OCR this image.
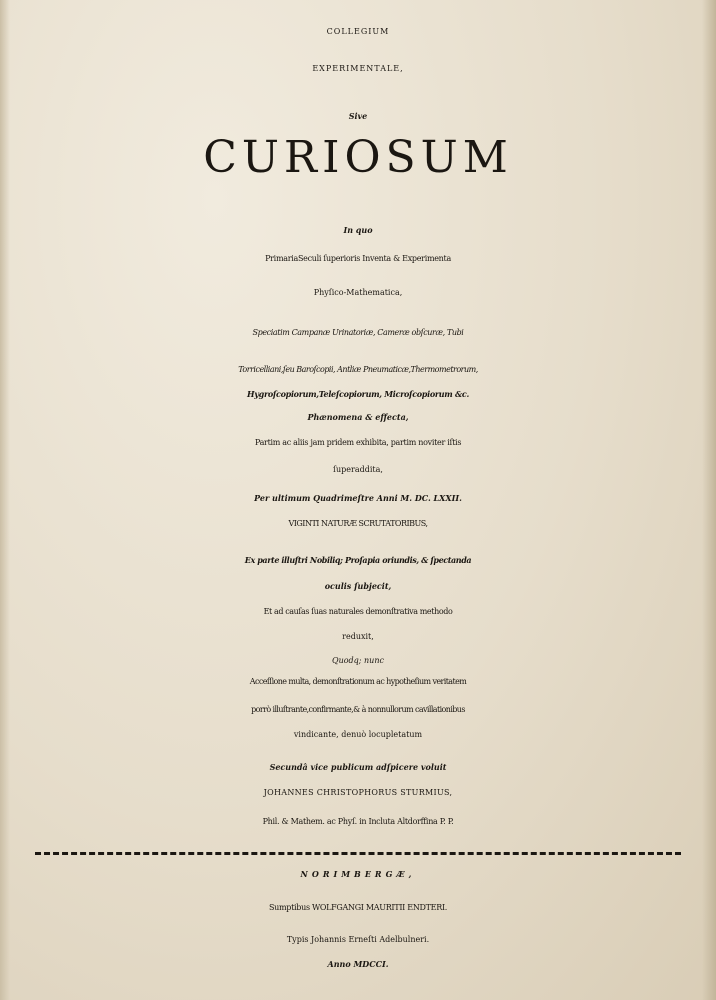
COLLEGIUM
EXPERIMENTALE,
Sive
CURIOSUM
In quo
PrimariaSeculi ſuperioris Inventa & Experimenta
Phyſico-Mathematica,
Speciatim Campanæ Urinatoriæ, Cameræ obſcuræ, Tubi
Torricelliani,ſeu Baroſcopii, Antliæ Pneumaticæ,Thermometrorum,
Hygroſcopiorum,Teleſcopiorum, Microſcopiorum &c.
Phænomena & effecta,
Partim ac aliis jam pridem exhibita, partim noviter iſtis
ſuperaddita,
Per ultimum Quadrimeſtre Anni M. DC. LXXII.
VIGINTI NATURÆ SCRUTATORIBUS,
Ex parte illuſtri Nobiliq; Proſapia oriundis, & ſpectanda
oculis ſubjecit,
Et ad cauſas ſuas naturales demonſtrativa methodo
reduxit,
Quodq; nunc
Acceſſione multa, demonſtrationum ac hypotheſium veritatem
porrò illuſtrante,confirmante,& à nonnullorum cavillationibus
vindicante, denuò locupletatum
Secundâ vice publicum adſpicere voluit
JOHANNES CHRISTOPHORUS STURMIUS,
Phil. & Mathem. ac Phyſ. in Incluta Altdorffina P. P.
NORIMBERGÆ,
Sumptibus WOLFGANGI MAURITII ENDTERI.
Typis Johannis Erneſti Adelbulneri.
Anno MDCCI.
